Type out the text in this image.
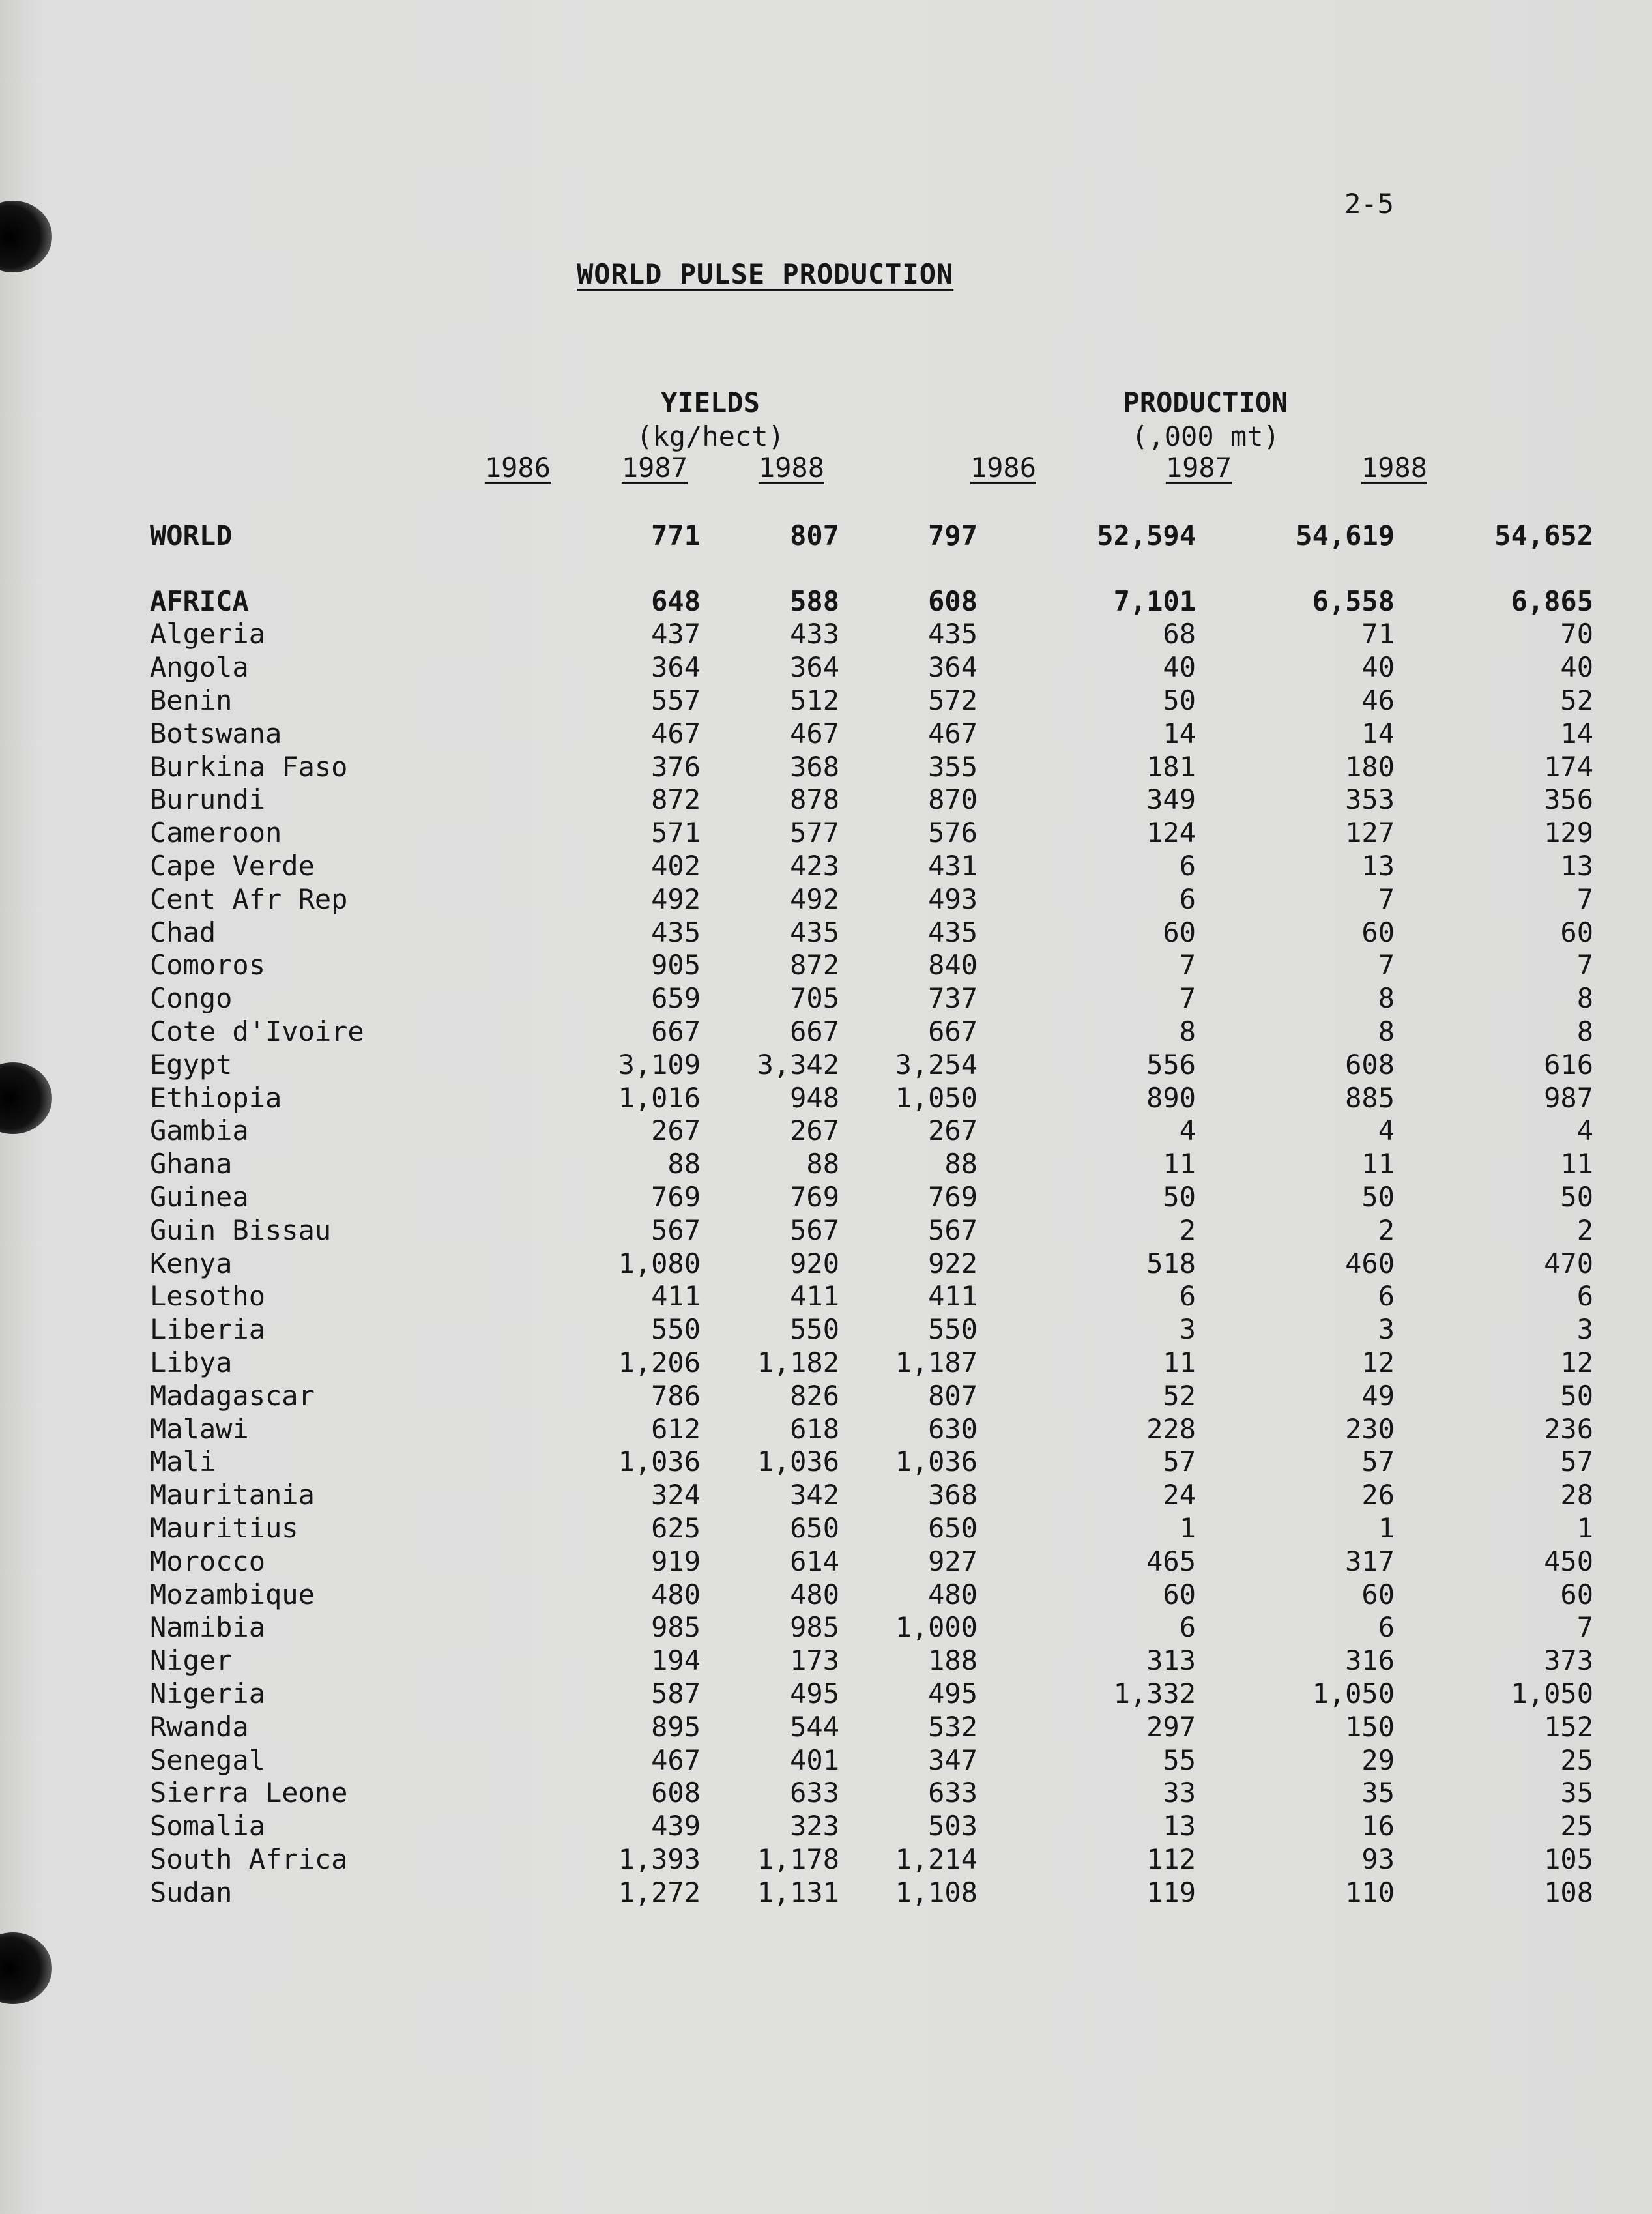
2-5
WORLD PULSE PRODUCTION
YIELDS
(kg/hect)
PRODUCTION
(,000 mt)
1986	1987	1988	1986	1987	1988
WORLD	771	807	797	52,594	54,619	54,652

AFRICA	648	588	608	7,101	6,558	6,865
Algeria	437	433	435	68	71	70
Angola	364	364	364	40	40	40
Benin	557	512	572	50	46	52
Botswana	467	467	467	14	14	14
Burkina Faso	376	368	355	181	180	174
Burundi	872	878	870	349	353	356
Cameroon	571	577	576	124	127	129
Cape Verde	402	423	431	6	13	13
Cent Afr Rep	492	492	493	6	7	7
Chad	435	435	435	60	60	60
Comoros	905	872	840	7	7	7
Congo	659	705	737	7	8	8
Cote d'Ivoire	667	667	667	8	8	8
Egypt	3,109	3,342	3,254	556	608	616
Ethiopia	1,016	948	1,050	890	885	987
Gambia	267	267	267	4	4	4
Ghana	88	88	88	11	11	11
Guinea	769	769	769	50	50	50
Guin Bissau	567	567	567	2	2	2
Kenya	1,080	920	922	518	460	470
Lesotho	411	411	411	6	6	6
Liberia	550	550	550	3	3	3
Libya	1,206	1,182	1,187	11	12	12
Madagascar	786	826	807	52	49	50
Malawi	612	618	630	228	230	236
Mali	1,036	1,036	1,036	57	57	57
Mauritania	324	342	368	24	26	28
Mauritius	625	650	650	1	1	1
Morocco	919	614	927	465	317	450
Mozambique	480	480	480	60	60	60
Namibia	985	985	1,000	6	6	7
Niger	194	173	188	313	316	373
Nigeria	587	495	495	1,332	1,050	1,050
Rwanda	895	544	532	297	150	152
Senegal	467	401	347	55	29	25
Sierra Leone	608	633	633	33	35	35
Somalia	439	323	503	13	16	25
South Africa	1,393	1,178	1,214	112	93	105
Sudan	1,272	1,131	1,108	119	110	108
